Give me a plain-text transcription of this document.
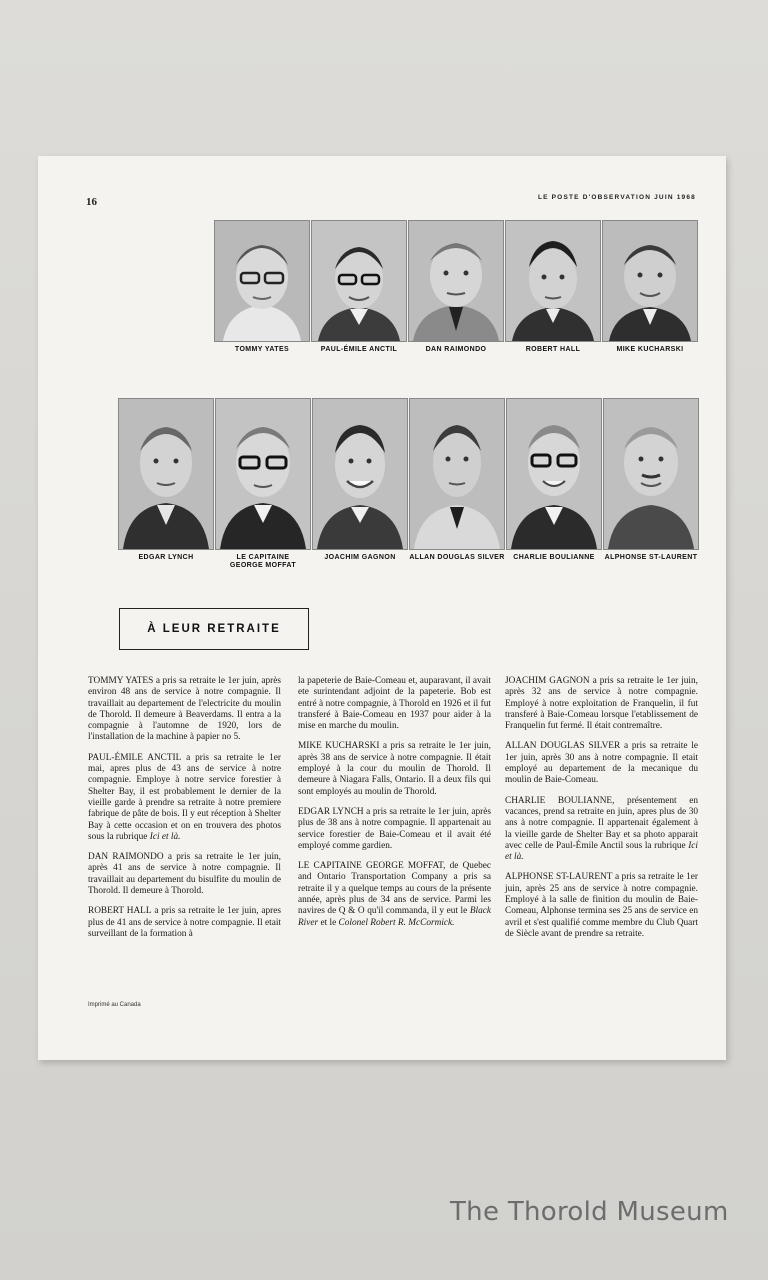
16	LE POSTE D'OBSERVATION JUIN 1968
TOMMY YATES	PAUL-ÉMILE ANCTIL	DAN RAIMONDO	ROBERT HALL	MIKE KUCHARSKI
EDGAR LYNCH	LE CAPITAINE
GEORGE MOFFAT
JOACHIM GAGNON	ALLAN DOUGLAS SILVER	CHARLIE BOULIANNE	ALPHONSE ST-LAURENT
À LEUR RETRAITE

TOMMY YATES a pris sa retraite le 1er juin, après environ 48 ans de service à notre compagnie. Il travaillait au departement de l'electricite du moulin de Thorold. Il demeure à Beaverdams. Il entra a la compagnie à l'automne de 1920, lors de l'installation de la machine à papier no 5.

PAUL-ÉMILE ANCTIL a pris sa retraite le 1er mai, apres plus de 43 ans de service à notre compagnie. Employe à notre service forestier à Shelter Bay, il est probablement le dernier de la vieille garde à prendre sa retraite à notre premiere fabrique de pâte de bois. Il y eut réception à Shelter Bay à cette occasion et on en trouvera des photos sous la rubrique Ici et là.

DAN RAIMONDO a pris sa retraite le 1er juin, après 41 ans de service à notre compagnie. Il travaillait au departement du bisulfite du moulin de Thorold. Il demeure à Thorold.

ROBERT HALL a pris sa retraite le 1er juin, apres plus de 41 ans de service à notre compagnie. Il etait surveillant de la formation à

la papeterie de Baie-Comeau et, auparavant, il avait ete surintendant adjoint de la papeterie. Bob est entré à notre compagnie, à Thorold en 1926 et il fut transferé à Baie-Comeau en 1937 pour aider à la mise en marche du moulin.

MIKE KUCHARSKI a pris sa retraite le 1er juin, après 38 ans de service à notre compagnie. Il était employé à la cour du moulin de Thorold. Il demeure à Niagara Falls, Ontario. Il a deux fils qui sont employés au moulin de Thorold.

EDGAR LYNCH a pris sa retraite le 1er juin, après plus de 38 ans à notre compagnie. Il appartenait au service forestier de Baie-Comeau et il avait été employé comme gardien.

LE CAPITAINE GEORGE MOFFAT, de Quebec and Ontario Transportation Company a pris sa retraite il y a quelque temps au cours de la présente année, après plus de 34 ans de service. Parmi les navires de Q & O qu'il commanda, il y eut le Black River et le Colonel Robert R. McCormick.

JOACHIM GAGNON a pris sa retraite le 1er juin, après 32 ans de service à notre compagnie. Employé à notre exploitation de Franquelin, il fut transferé à Baie-Comeau lorsque l'etablissement de Franquelin fut fermé. Il était contremaître.

ALLAN DOUGLAS SILVER a pris sa retraite le 1er juin, après 30 ans à notre compagnie. Il etait employé au departement de la mecanique du moulin de Baie-Comeau.

CHARLIE BOULIANNE, présentement en vacances, prend sa retraite en juin, apres plus de 30 ans à notre compagnie. Il appartenait également à la vieille garde de Shelter Bay et sa photo apparait avec celle de Paul-Émile Anctil sous la rubrique Ici et là.

ALPHONSE ST-LAURENT a pris sa retraite le 1er juin, après 25 ans de service à notre compagnie. Employé à la salle de finition du moulin de Baie-Comeau, Alphonse termina ses 25 ans de service en avril et s'est qualifié comme membre du Club Quart de Siècle avant de prendre sa retraite.

Imprimé au Canada
The Thorold Museum
